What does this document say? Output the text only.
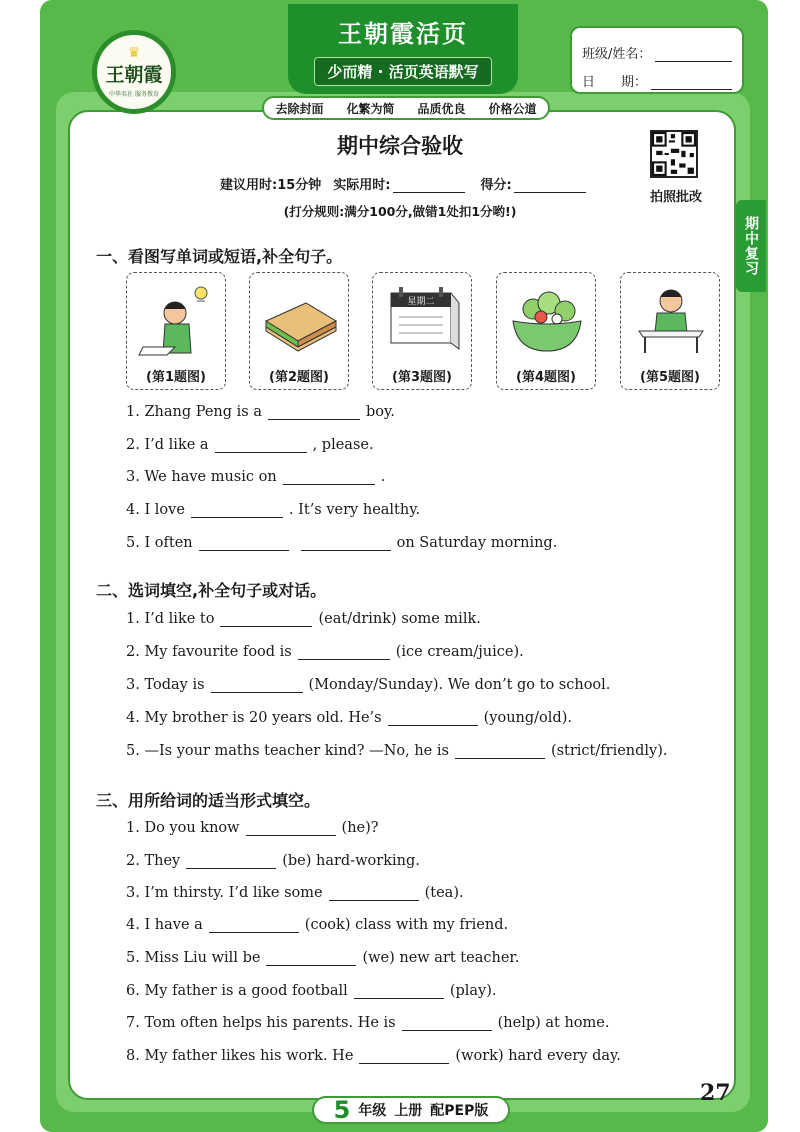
♛
王朝霞
中华名社 服务教育
王朝霞活页
少而精 · 活页英语默写
班级/姓名：
日　　期：
去除封面 化繁为简 品质优良 价格公道
期中复习
期中综合验收
建议用时:15分钟 实际用时:	得分:
(打分规则:满分100分,做错1处扣1分哟!)
拍照批改
一、看图写单词或短语,补全句子。
(第1题图)	(第2题图)
星期二
(第3题图)	(第4题图)	(第5题图)
1. Zhang Peng is a	boy.
2. I’d like a	, please.
3. We have music on	.
4. I love	. It’s very healthy.
5. I often	on Saturday morning.
二、选词填空,补全句子或对话。
1. I’d like to	(eat/drink) some milk.
2. My favourite food is	(ice cream/juice).
3. Today is	(Monday/Sunday). We don’t go to school.
4. My brother is 20 years old. He’s	(young/old).
5. —Is your maths teacher kind? —No, he is	(strict/friendly).
三、用所给词的适当形式填空。
1. Do you know	(he)?
2. They	(be) hard-working.
3. I’m thirsty. I’d like some	(tea).
4. I have a	(cook) class with my friend.
5. Miss Liu will be	(we) new art teacher.
6. My father is a good football	(play).
7. Tom often helps his parents. He is	(help) at home.
8. My father likes his work. He	(work) hard every day.
5 年级 上册 配PEP版
27
